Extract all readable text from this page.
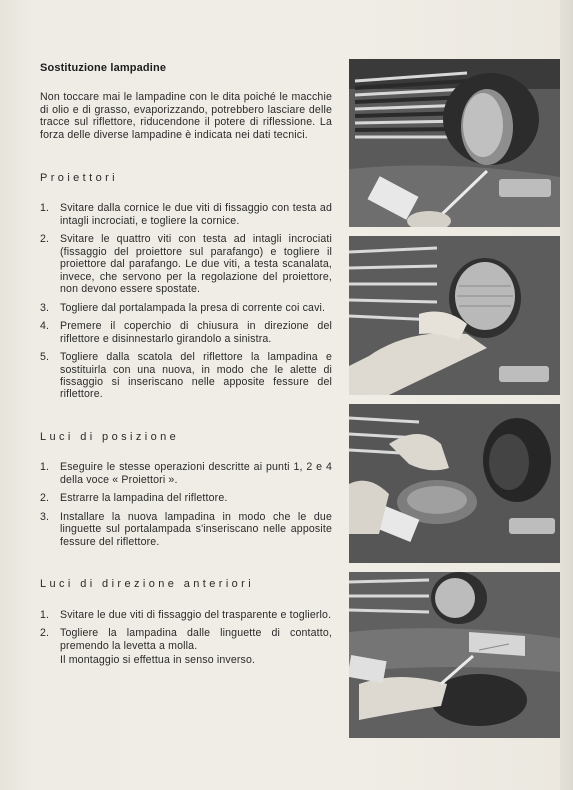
Sostituzione lampadine

Non toccare mai le lampadine con le dita poiché le macchie di olio e di grasso, evaporizzando, potrebbero lasciare delle tracce sul riflettore, riducendone il potere di riflessione. La forza delle diverse lampadine è indicata nei dati tecnici.

Proiettori
1. Svitare dalla cornice le due viti di fissaggio con testa ad intagli incrociati, e togliere la cornice.
2. Svitare le quattro viti con testa ad intagli incrociati (fissaggio del proiettore sul parafango) e togliere il proiettore dal parafango. Le due viti, a testa scanalata, invece, che servono per la regolazione del proiettore, non devono essere spostate.
3. Togliere dal portalampada la presa di corrente coi cavi.
4. Premere il coperchio di chiusura in direzione del riflettore e disinnestarlo girandolo a sinistra.
5. Togliere dalla scatola del riflettore la lampadina e sostituirla con una nuova, in modo che le alette di fissaggio si inseriscano nelle apposite fessure del riflettore.
Luci di posizione
1. Eseguire le stesse operazioni descritte ai punti 1, 2 e 4 della voce « Proiettori ».
2. Estrarre la lampadina del riflettore.
3. Installare la nuova lampadina in modo che le due linguette sul portalampada s'inseriscano nelle apposite fessure del riflettore.
Luci di direzione anteriori
1. Svitare le due viti di fissaggio del trasparente e toglierlo.
2. Togliere la lampadina dalle linguette di contatto, premendo la levetta a molla.
Il montaggio si effettua in senso inverso.
